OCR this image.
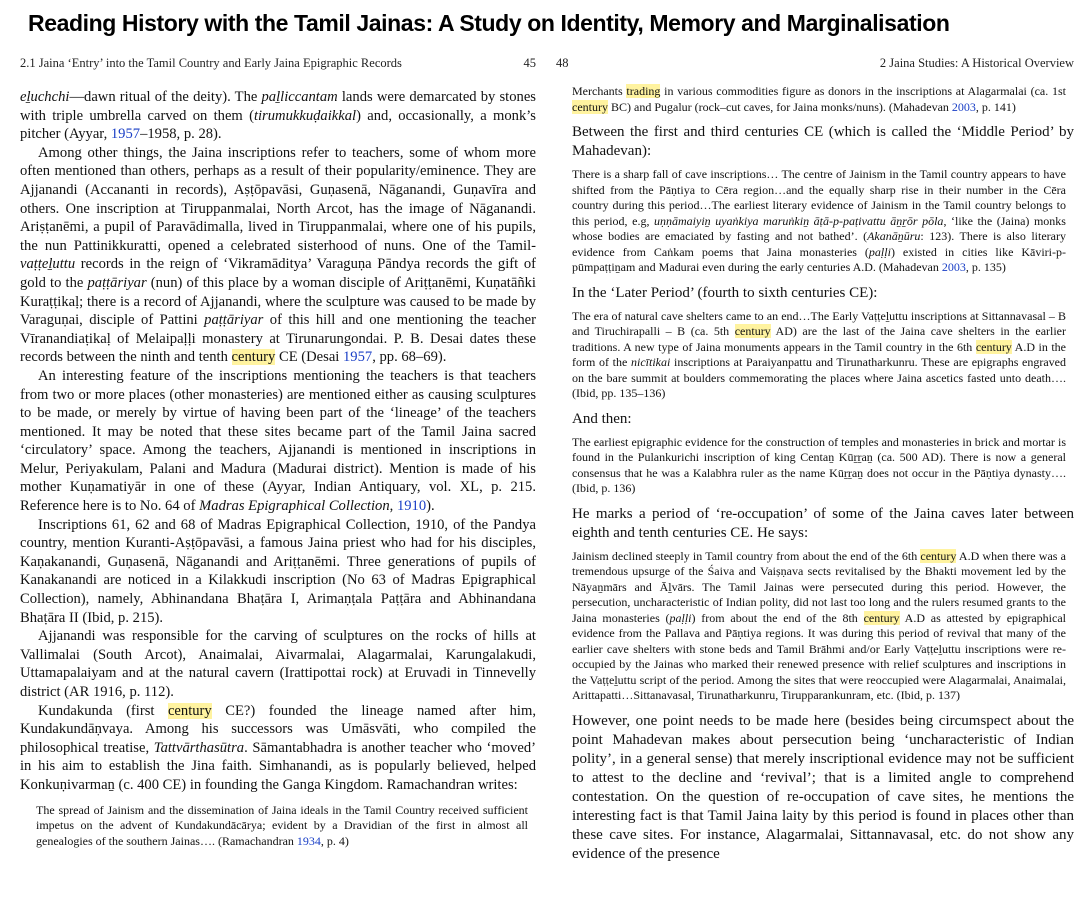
Reading History with the Tamil Jainas: A Study on Identity, Memory and Marginalisation
2.1 Jaina ‘Entry’ into the Tamil Country and Early Jaina Epigraphic Records	45

eḻuchchi—dawn ritual of the deity). The paḻliccantam lands were demarcated by stones with triple umbrella carved on them (tirumukkuḍaikkal) and, occasionally, a monk’s pitcher (Ayyar, 1957–1958, p. 28).

Among other things, the Jaina inscriptions refer to teachers, some of whom more often mentioned than others, perhaps as a result of their popularity/eminence. They are Ajjanandi (Accananti in records), Aṣṭōpavāsi, Guṇasenā, Nāganandi, Guṇavīra and others. One inscription at Tiruppanmalai, North Arcot, has the image of Nāganandi. Ariṣṭanēmi, a pupil of Paravādimalla, lived in Tiruppanmalai, where one of his pupils, the nun Pattinikkuratti, opened a celebrated sisterhood of nuns. One of the Tamil-vaṭṭeḻuttu records in the reign of ‘Vikramāditya’ Varaguṇa Pāndya records the gift of gold to the paṭṭāriyar (nun) of this place by a woman disciple of Ariṭṭanēmi, Kuṇatāñki Kuraṭṭikaḷ; there is a record of Ajjanandi, where the sculpture was caused to be made by Varaguṇai, disciple of Pattini paṭṭāriyar of this hill and one mentioning the teacher Vīranandiaṭikaḷ of Melaipaḷḷi monastery at Tirunarungondai. P. B. Desai dates these records between the ninth and tenth century CE (Desai 1957, pp. 68–69).

An interesting feature of the inscriptions mentioning the teachers is that teachers from two or more places (other monasteries) are mentioned either as causing sculptures to be made, or merely by virtue of having been part of the ‘lineage’ of the teachers mentioned. It may be noted that these sites became part of the Tamil Jaina sacred ‘circulatory’ space. Among the teachers, Ajjanandi is mentioned in inscriptions in Melur, Periyakulam, Palani and Madura (Madurai district). Mention is made of his mother Kuṇamatiyār in one of these (Ayyar, Indian Antiquary, vol. XL, p. 215. Reference here is to No. 64 of Madras Epigraphical Collection, 1910).

Inscriptions 61, 62 and 68 of Madras Epigraphical Collection, 1910, of the Pandya country, mention Kuranti-Aṣṭōpavāsi, a famous Jaina priest who had for his disciples, Kaṇakanandi, Guṇasenā, Nāganandi and Ariṭṭanēmi. Three generations of pupils of Kanakanandi are noticed in a Kilakkudi inscription (No 63 of Madras Epigraphical Collection), namely, Abhinandana Bhaṭāra I, Arimaṇṭala Paṭṭāra and Abhinandana Bhaṭāra II (Ibid, p. 215).

Ajjanandi was responsible for the carving of sculptures on the rocks of hills at Vallimalai (South Arcot), Anaimalai, Aivarmalai, Alagarmalai, Karungalakudi, Uttamapalaiyam and at the natural cavern (Irattipottai rock) at Eruvadi in Tinnevelly district (AR 1916, p. 112).

Kundakunda (first century CE?) founded the lineage named after him, Kundakundāṇvaya. Among his successors was Umāsvāti, who compiled the philosophical treatise, Tattvārthasūtra. Sāmantabhadra is another teacher who ‘moved’ in his aim to establish the Jina faith. Simhanandi, as is popularly believed, helped Konkuṇivarmaṉ (c. 400 CE) in founding the Ganga Kingdom. Ramachandran writes:

The spread of Jainism and the dissemination of Jaina ideals in the Tamil Country received sufficient impetus on the advent of Kundakundācārya; evident by a Dravidian of the first in almost all genealogies of the southern Jainas…. (Ramachandran 1934, p. 4)
48	2 Jaina Studies: A Historical Overview
Merchants trading in various commodities figure as donors in the inscriptions at Alagarmalai (ca. 1st century BC) and Pugalur (rock–cut caves, for Jaina monks/nuns). (Mahadevan 2003, p. 141)
Between the first and third centuries CE (which is called the ‘Middle Period’ by Mahadevan):
There is a sharp fall of cave inscriptions… The centre of Jainism in the Tamil country appears to have shifted from the Pāṇtiya to Cēra region…and the equally sharp rise in their number in the Cēra country during this period…The earliest literary evidence of Jainism in the Tamil country belongs to this period, e.g, uṇṇāmaiyiṉ uyaṅkiya maruṅkiṉ āṭā-p-paṭivattu āṉṟōr pōla, ‘like the (Jaina) monks whose bodies are emaciated by fasting and not bathed’. (Akanāṉūru: 123). There is also literary evidence from Caṅkam poems that Jaina monasteries (paḷḷi) existed in cities like Kāviri-p-pūmpaṭṭiṉam and Madurai even during the early centuries A.D. (Mahadevan 2003, p. 135)
In the ‘Later Period’ (fourth to sixth centuries CE):
The era of natural cave shelters came to an end…The Early Vaṭṭeḻuttu inscriptions at Sittannavasal – B and Tiruchirapalli – B (ca. 5th century AD) are the last of the Jaina cave shelters in the earlier traditions. A new type of Jaina monuments appears in the Tamil country in the 6th century A.D in the form of the nicītikai inscriptions at Paraiyanpattu and Tirunatharkunru. These are epigraphs engraved on the bare summit at boulders commemorating the places where Jaina ascetics fasted unto death…. (Ibid, pp. 135–136)
And then:
The earliest epigraphic evidence for the construction of temples and monasteries in brick and mortar is found in the Pulankurichi inscription of king Centaṉ Kūṟṟaṉ (ca. 500 AD). There is now a general consensus that he was a Kalabhra ruler as the name Kūṟṟaṉ does not occur in the Pāṇtiya dynasty…. (Ibid, p. 136)
He marks a period of ‘re-occupation’ of some of the Jaina caves later between eighth and tenth centuries CE. He says:
Jainism declined steeply in Tamil country from about the end of the 6th century A.D when there was a tremendous upsurge of the Śaiva and Vaiṣṇava sects revitalised by the Bhakti movement led by the Nāyaṉmārs and Āḻvārs. The Tamil Jainas were persecuted during this period. However, the persecution, uncharacteristic of Indian polity, did not last too long and the rulers resumed grants to the Jaina monasteries (paḷḷi) from about the end of the 8th century A.D as attested by epigraphical evidence from the Pallava and Pāṇtiya regions. It was during this period of revival that many of the earlier cave shelters with stone beds and Tamil Brāhmi and/or Early Vaṭṭeḻuttu inscriptions were re-occupied by the Jainas who marked their renewed presence with relief sculptures and inscriptions in the Vaṭṭeḻuttu script of the period. Among the sites that were reoccupied were Alagarmalai, Anaimalai, Arittapatti…Sittanavasal, Tirunatharkunru, Tirupparankunram, etc. (Ibid, p. 137)
However, one point needs to be made here (besides being circumspect about the point Mahadevan makes about persecution being ‘uncharacteristic of Indian polity’, in a general sense) that merely inscriptional evidence may not be sufficient to attest to the decline and ‘revival’; that is a limited angle to comprehend contestation. On the question of re-occupation of cave sites, he mentions the interesting fact is that Tamil Jaina laity by this period is found in places other than these cave sites. For instance, Alagarmalai, Sittannavasal, etc. do not show any evidence of the presence
